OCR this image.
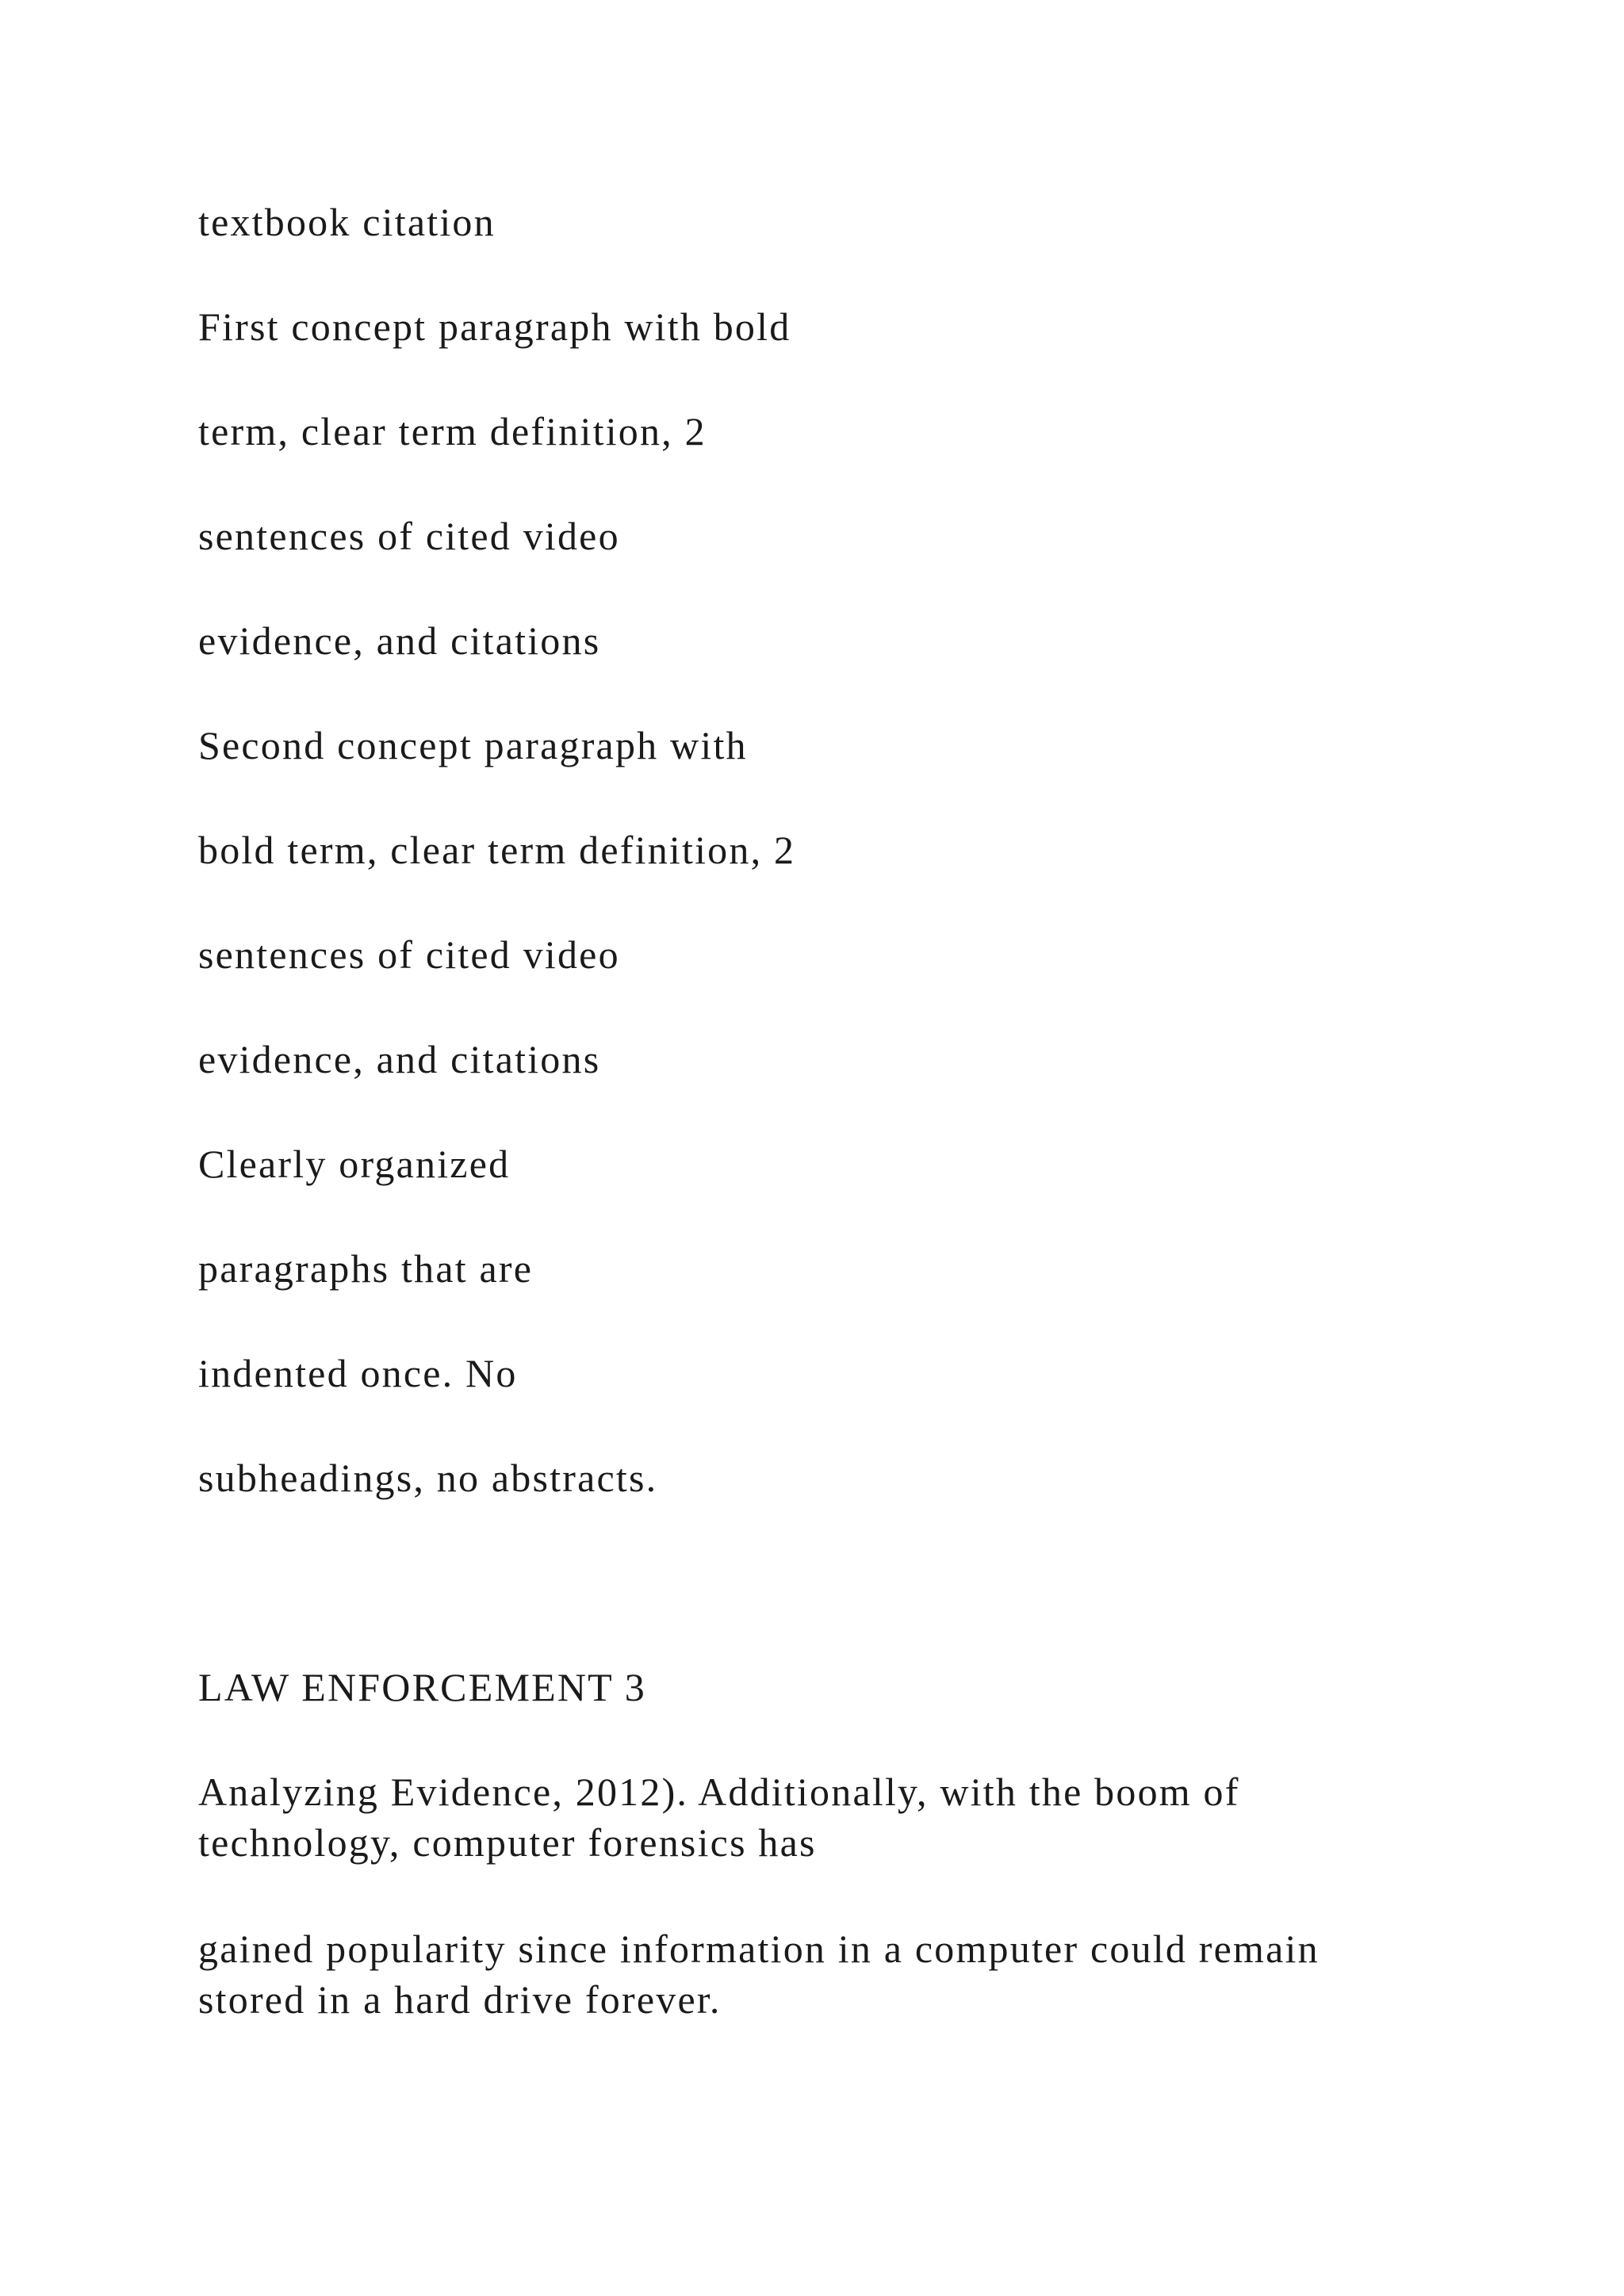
textbook citation

First concept paragraph with bold

term, clear term definition, 2

sentences of cited video

evidence, and citations

Second concept paragraph with

bold term, clear term definition, 2

sentences of cited video

evidence, and citations

Clearly organized

paragraphs that are

indented once. No

subheadings, no abstracts.

LAW ENFORCEMENT 3

Analyzing Evidence, 2012). Additionally, with the boom of technology, computer forensics has

gained popularity since information in a computer could remain stored in a hard drive forever.
